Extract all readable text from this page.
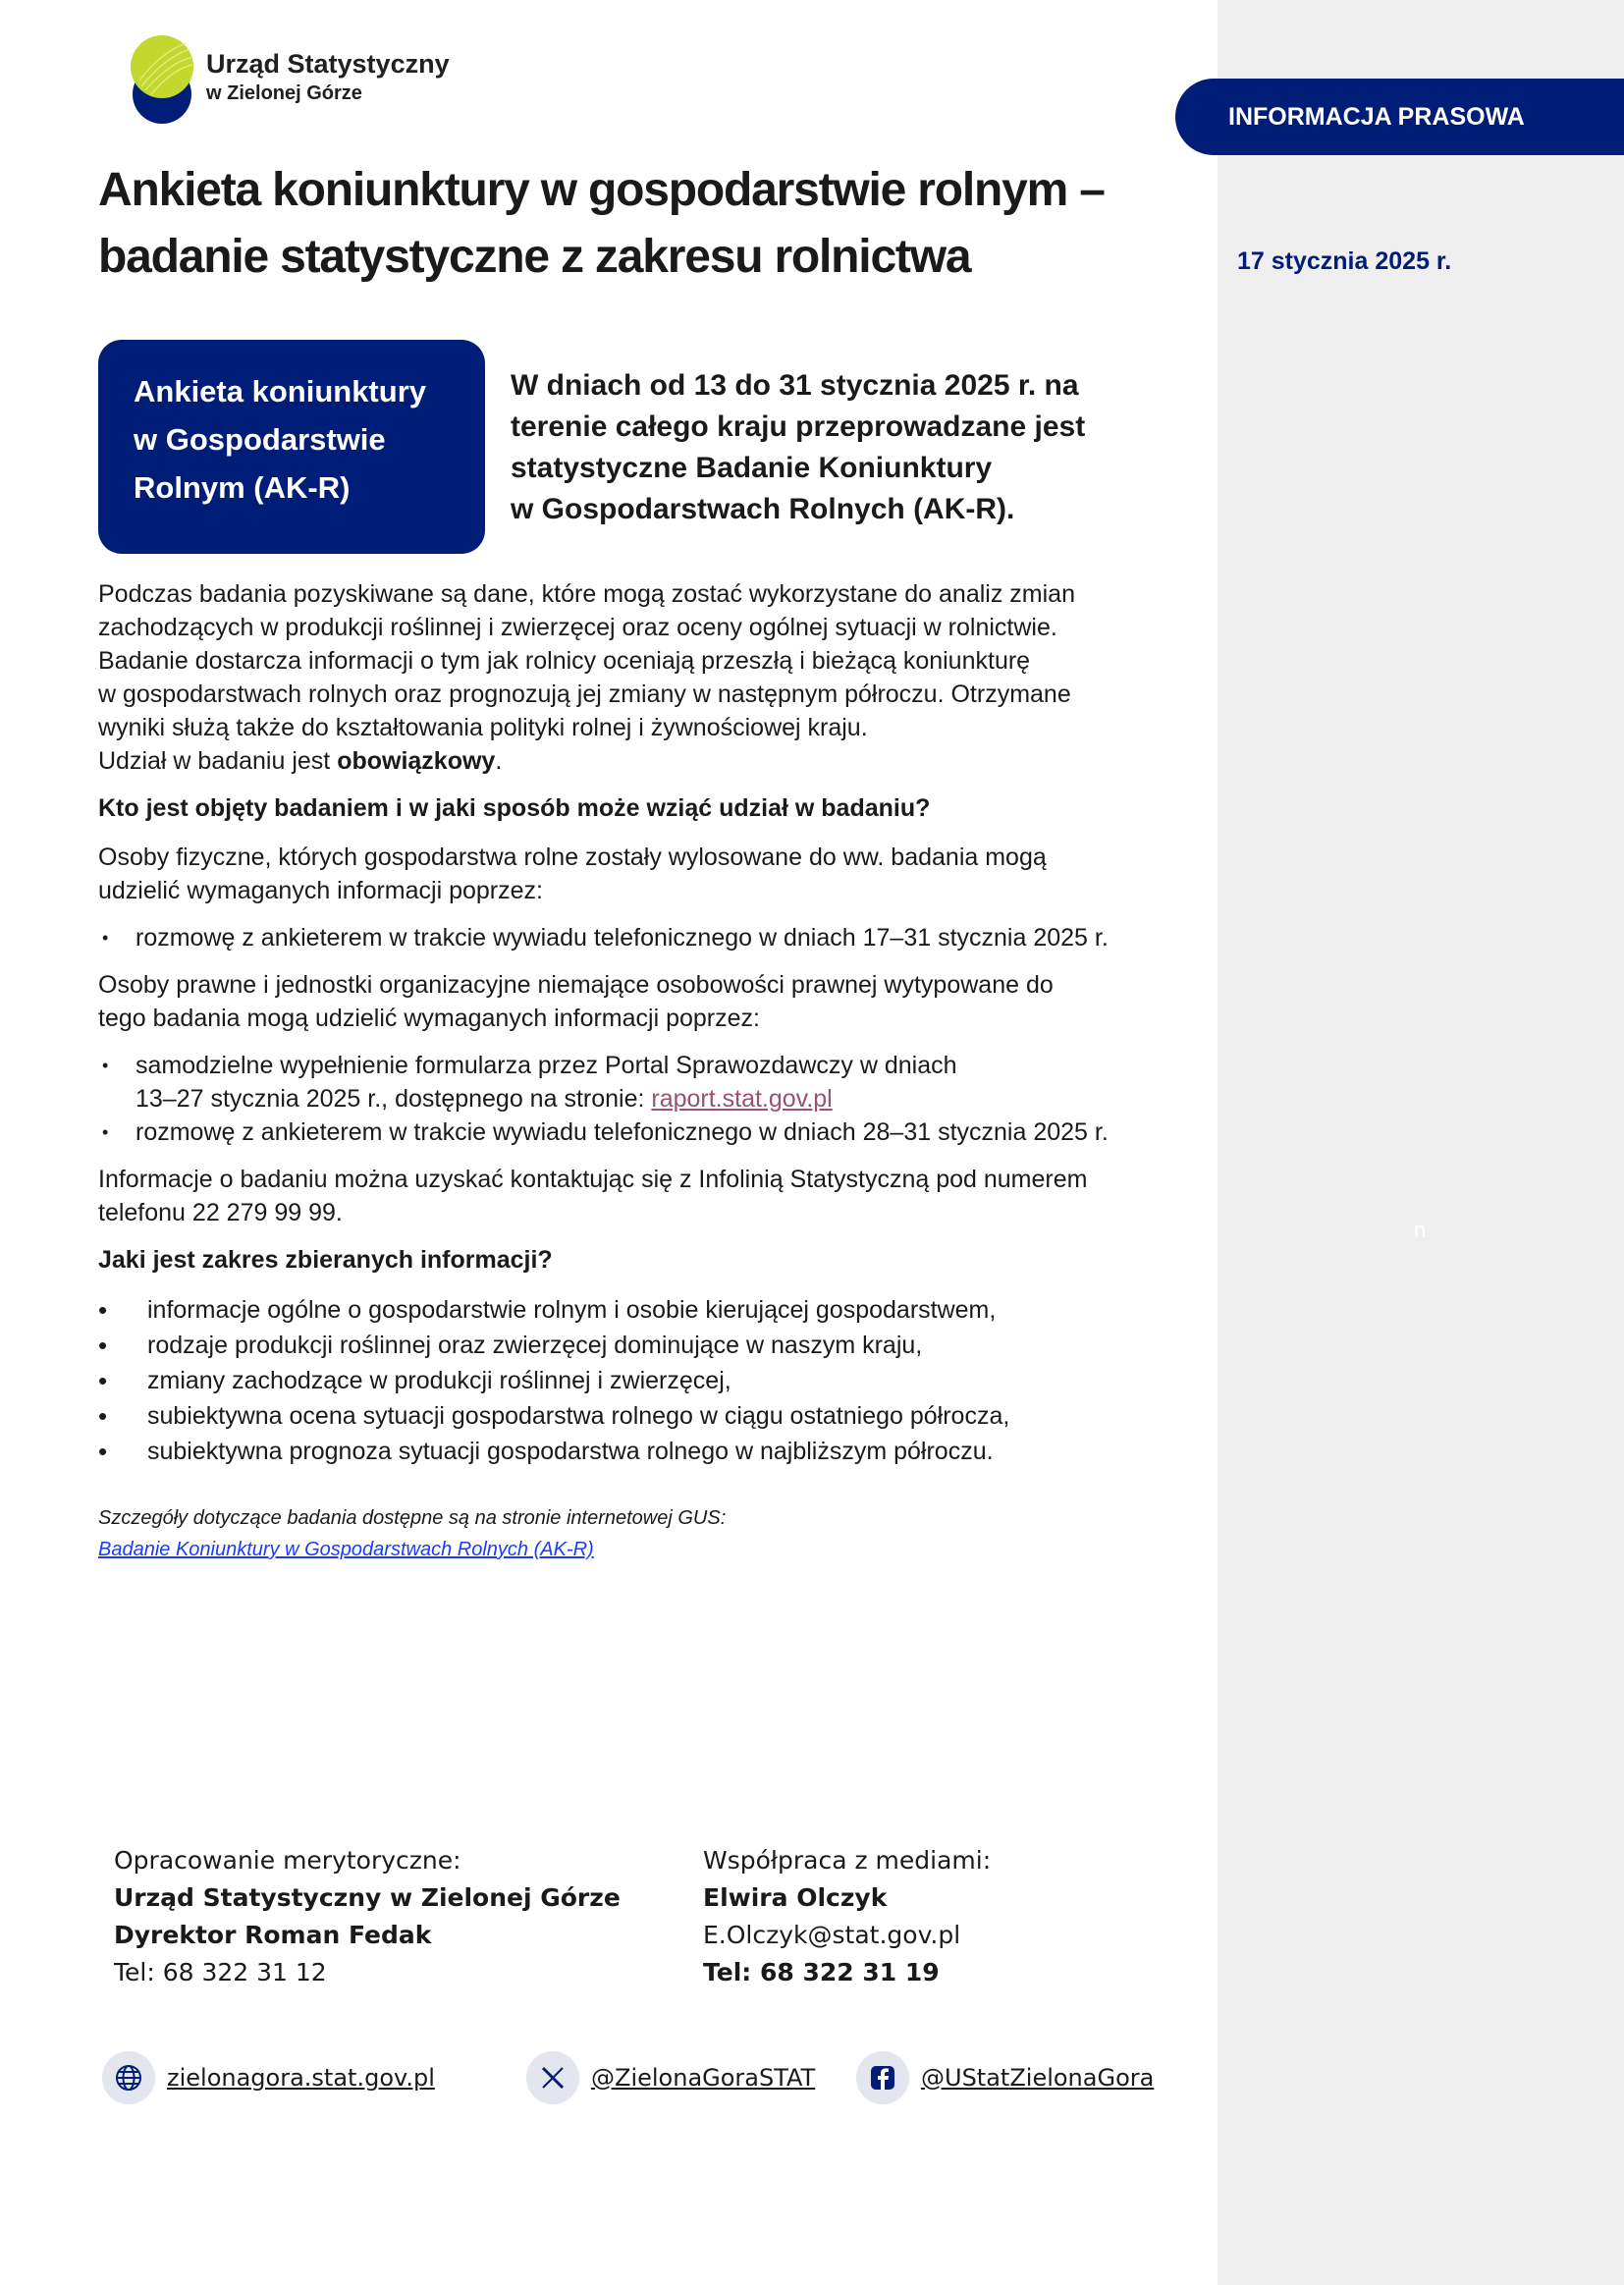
INFORMACJA PRASOWA
17 stycznia 2025 r.
n
Urząd Statystyczny
w Zielonej Górze
Ankieta koniunktury w gospodarstwie rolnym –
badanie statystyczne z zakresu rolnictwa
Ankieta koniunktury
w Gospodarstwie
Rolnym (AK-R)
W dniach od 13 do 31 stycznia 2025 r. na
terenie całego kraju przeprowadzane jest
statystyczne Badanie Koniunktury
w Gospodarstwach Rolnych (AK-R).

Podczas badania pozyskiwane są dane, które mogą zostać wykorzystane do analiz zmian
zachodzących w produkcji roślinnej i zwierzęcej oraz oceny ogólnej sytuacji w rolnictwie.
Badanie dostarcza informacji o tym jak rolnicy oceniają przeszłą i bieżącą koniunkturę
w gospodarstwach rolnych oraz prognozują jej zmiany w następnym półroczu. Otrzymane
wyniki służą także do kształtowania polityki rolnej i żywnościowej kraju.
Udział w badaniu jest obowiązkowy.

Kto jest objęty badaniem i w jaki sposób może wziąć udział w badaniu?

Osoby fizyczne, których gospodarstwa rolne zostały wylosowane do ww. badania mogą
udzielić wymaganych informacji poprzez:

• rozmowę z ankieterem w trakcie wywiadu telefonicznego w dniach 17–31 stycznia 2025 r.

Osoby prawne i jednostki organizacyjne niemające osobowości prawnej wytypowane do
tego badania mogą udzielić wymaganych informacji poprzez:

• samodzielne wypełnienie formularza przez Portal Sprawozdawczy w dniach
13–27 stycznia 2025 r., dostępnego na stronie: raport.stat.gov.pl
• rozmowę z ankieterem w trakcie wywiadu telefonicznego w dniach 28–31 stycznia 2025 r.

Informacje o badaniu można uzyskać kontaktując się z Infolinią Statystyczną pod numerem
telefonu 22 279 99 99.

Jaki jest zakres zbieranych informacji?

• informacje ogólne o gospodarstwie rolnym i osobie kierującej gospodarstwem,
• rodzaje produkcji roślinnej oraz zwierzęcej dominujące w naszym kraju,
• zmiany zachodzące w produkcji roślinnej i zwierzęcej,
• subiektywna ocena sytuacji gospodarstwa rolnego w ciągu ostatniego półrocza,
• subiektywna prognoza sytuacji gospodarstwa rolnego w najbliższym półroczu.

Szczegóły dotyczące badania dostępne są na stronie internetowej GUS:
Badanie Koniunktury w Gospodarstwach Rolnych (AK-R)

Opracowanie merytoryczne:
Urząd Statystyczny w Zielonej Górze
Dyrektor Roman Fedak
Tel: 68 322 31 12
Współpraca z mediami:
Elwira Olczyk
E.Olczyk@stat.gov.pl
Tel: 68 322 31 19
zielonagora.stat.gov.pl	@ZielonaGoraSTAT	@UStatZielonaGora
